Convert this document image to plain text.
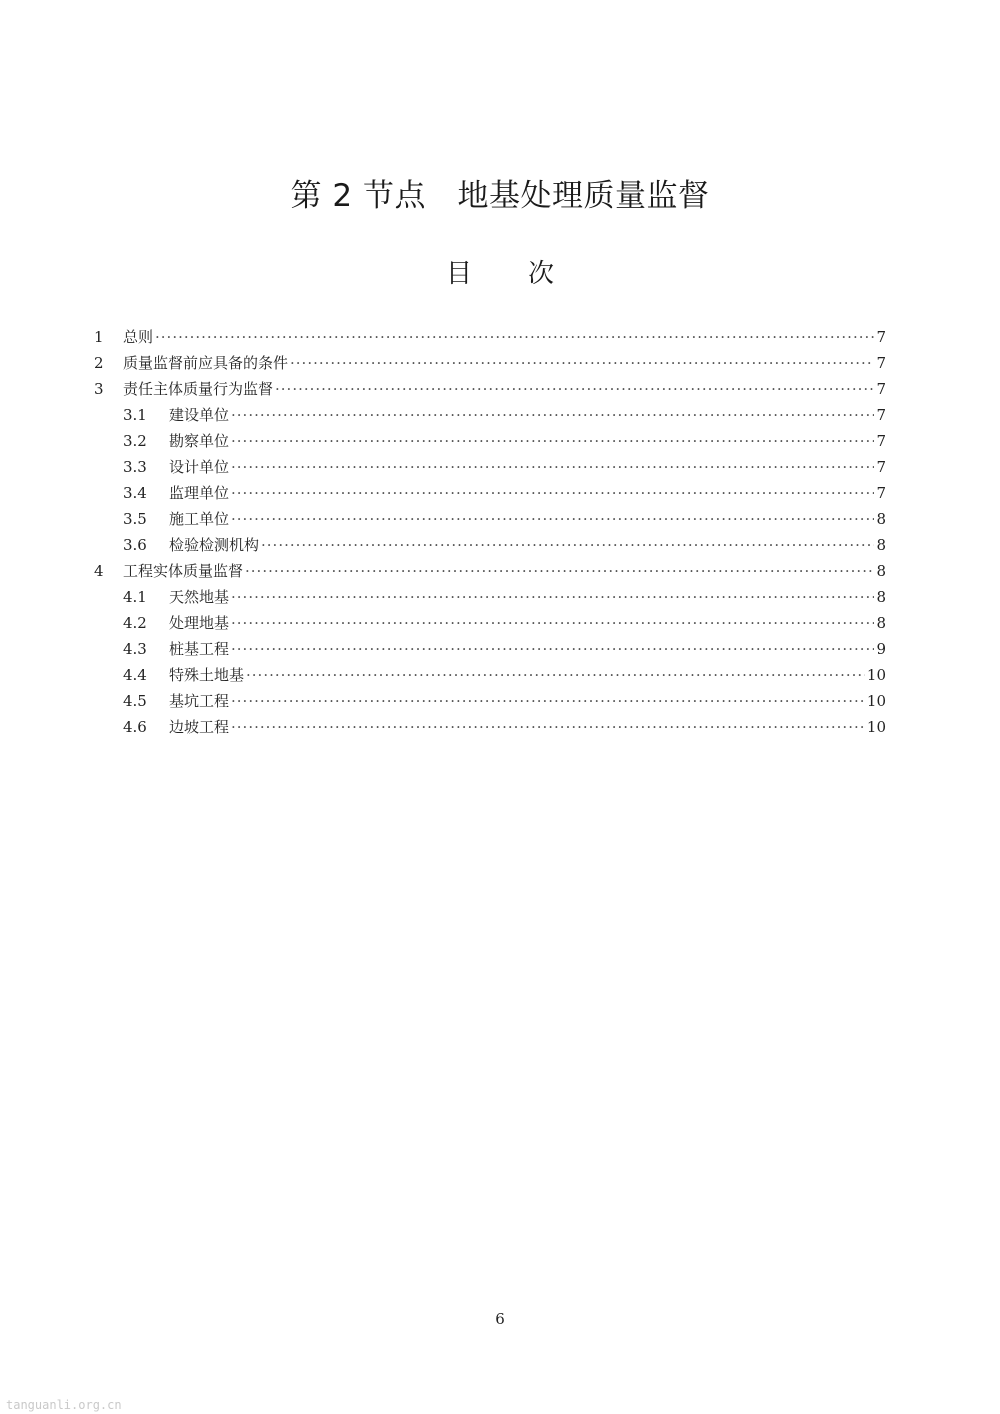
第 2 节点　地基处理质量监督
目 次
1	总则 ·····	7
2	质量监督前应具备的条件 ·····	7
3	责任主体质量行为监督 ·····	7
3.1	建设单位 ·····	7
3.2	勘察单位 ·····	7
3.3	设计单位 ·····	7
3.4	监理单位 ·····	7
3.5	施工单位 ·····	8
3.6	检验检测机构 ·····	8
4	工程实体质量监督 ·····	8
4.1	天然地基 ·····	8
4.2	处理地基 ·····	8
4.3	桩基工程 ·····	9
4.4	特殊土地基 ·····	10
4.5	基坑工程 ·····	10
4.6	边坡工程 ·····	10
6
tanguanli.org.cn
